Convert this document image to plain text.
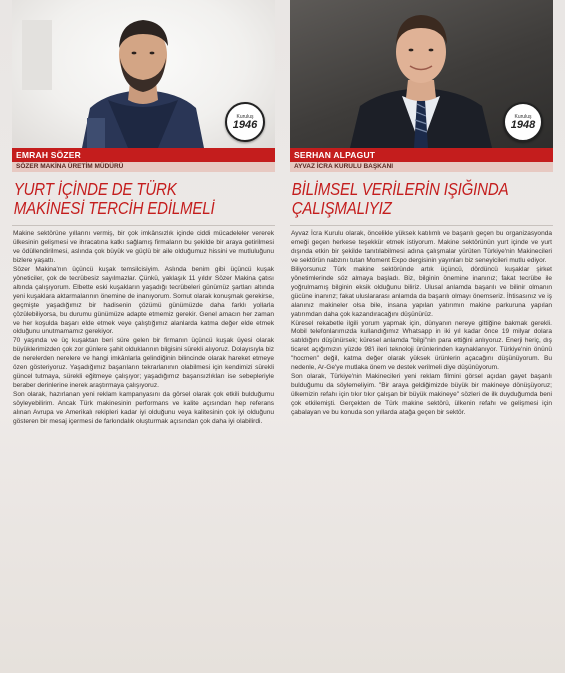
Kuruluş
1946
EMRAH SÖZER
SÖZER MAKİNA ÜRETİM MÜDÜRÜ
YURT İÇİNDE DE TÜRK
MAKİNESİ TERCİH EDİLMELİ

Makine sektörüne yıllarını vermiş, bir çok imkânsızlık içinde ciddi mücadeleler vererek ülkesinin gelişmesi ve ihracatına katkı sağlamış firmaların bu şekilde bir araya getirilmesi ve ödüllendirilmesi, aslında çok büyük ve güçlü bir aile olduğumuz hissini ve mutluluğunu bizlere yaşattı.

Sözer Makina'nın üçüncü kuşak temsilcisiyim. Aslında benim gibi üçüncü kuşak yöneticiler, çok de tecrübesiz sayılmazlar. Çünkü, yaklaşık 11 yıldır Sözer Makina çatısı altında çalışıyorum. Elbette eski kuşakların yaşadığı tecrübeleri günümüz şartları altında yeni kuşaklara aktarmalarının önemine de inanıyorum. Somut olarak konuşmak gerekirse, geçmişte yaşadığımız bir hadisenin çözümü günümüzde daha farklı yollarla çözülebiliyorsa, bu durumu günümüze adapte etmemiz gerekir. Genel amacın her zaman ve her koşulda başarı elde etmek veye çalıştığımız alanlarda katma değer elde etmek olduğunu unutmamamız gerekiyor.

70 yaşında ve üç kuşaktan beri süre gelen bir firmanın üçüncü kuşak üyesi olarak büyüklerimizden çok zor günlere şahit olduklarının bilgisini sürekli alıyoruz. Dolayısıyla biz de nerelerden nerelere ve hangi imkânlarla gelindiğinin bilincinde olarak hareket etmeye özen gösteriyoruz. Yaşadığımız başarıların tekrarlanının olabilmesi için kendimizi sürekli güncel tutmaya, sürekli eğitmeye çalışıyor; yaşadığımız başarısızlıkları ise sebepleriyle beraber derinlerine inerek araştırmaya çalışıyoruz.

Son olarak, hazırlanan yeni reklam kampanyasını da görsel olarak çok etkili bulduğumu söyleyebilirim. Ancak Türk makinesinin performans ve kalite açısından hep referans alınan Avrupa ve Amerikalı rekipleri kadar iyi olduğunu veya kalitesinin çok iyi olduğunu gösteren bir mesaj içermesi de farkındalık oluşturmak açısından çok daha iyi olabilirdi.

Kuruluş
1948
SERHAN ALPAGUT
AYVAZ İCRA KURULU BAŞKANI
BİLİMSEL VERİLERİN IŞIĞINDA
ÇALIŞMALIYIZ

Ayvaz İcra Kurulu olarak, öncelikle yüksek katılımlı ve başarılı geçen bu organizasyonda emeği geçen herkese teşekkür etmek istiyorum. Makine sektörünün yurt içinde ve yurt dışında etkin bir şekilde tanıtılabilmesi adına çalışmalar yürüten Türkiye'nin Makinecileri ve sektörün nabzını tutan Moment Expo dergisinin yayınları biz seneyicileri mutlu ediyor.

Biliyorsunuz Türk makine sektöründe artık üçüncü, dördüncü kuşaklar şirket yönetimlerinde söz almaya başladı. Biz, bilginin önemine inanınız; fakat tecrübe ile yoğrulmamış bilginin eksik olduğunu biliriz. Ulusal anlamda başarılı ve bilinir olmanın gücüne inanırız; fakat uluslararası anlamda da başarılı olmayı önemseriz. İhtisasınız ve iş alanınız makineler olsa bile, insana yapılan yatırımın makine parkuruna yapılan yatırımdan daha çok kazandıracağını düşünürüz.

Küresel rekabetle ilgili yorum yapmak için, dünyanın nereye gittiğine bakmak gerekli. Mobil telefonlarımızda kullandığımız Whatsapp in iki yıl kadar önce 19 milyar dolara satıldığını düşünürsek; küresel anlamda "bilgi"nin para ettiğini anlıyoruz. Enerji heriç, dış ticaret açığımızın yüzde 98'i ileri teknoloji ürünlerinden kaynaklanıyor. Türkiye'nin önünü "hocmen" değil, katma değer olarak yüksek ürünlerin açacağını düşünüyorum. Bu nedenle, Ar-Ge'ye mutlaka önem ve destek verilmeli diye düşünüyorum.

Son olarak, Türkiye'nin Makinecileri yeni reklam filmini görsel açıdan gayet başarılı bulduğumu da söylemeliyim. "Bir araya geldiğimizde büyük bir makineye dönüşüyoruz; ülkemizin refahı için tıkır tıkır çalışan bir büyük makineye" sözleri de ilk duyduğumda beni çok etkilemişti. Gerçekten de Türk makine sektörü, ülkenin refahı ve gelişmesi için çabalayan ve bu konuda son yıllarda atağa geçen bir sektör.
